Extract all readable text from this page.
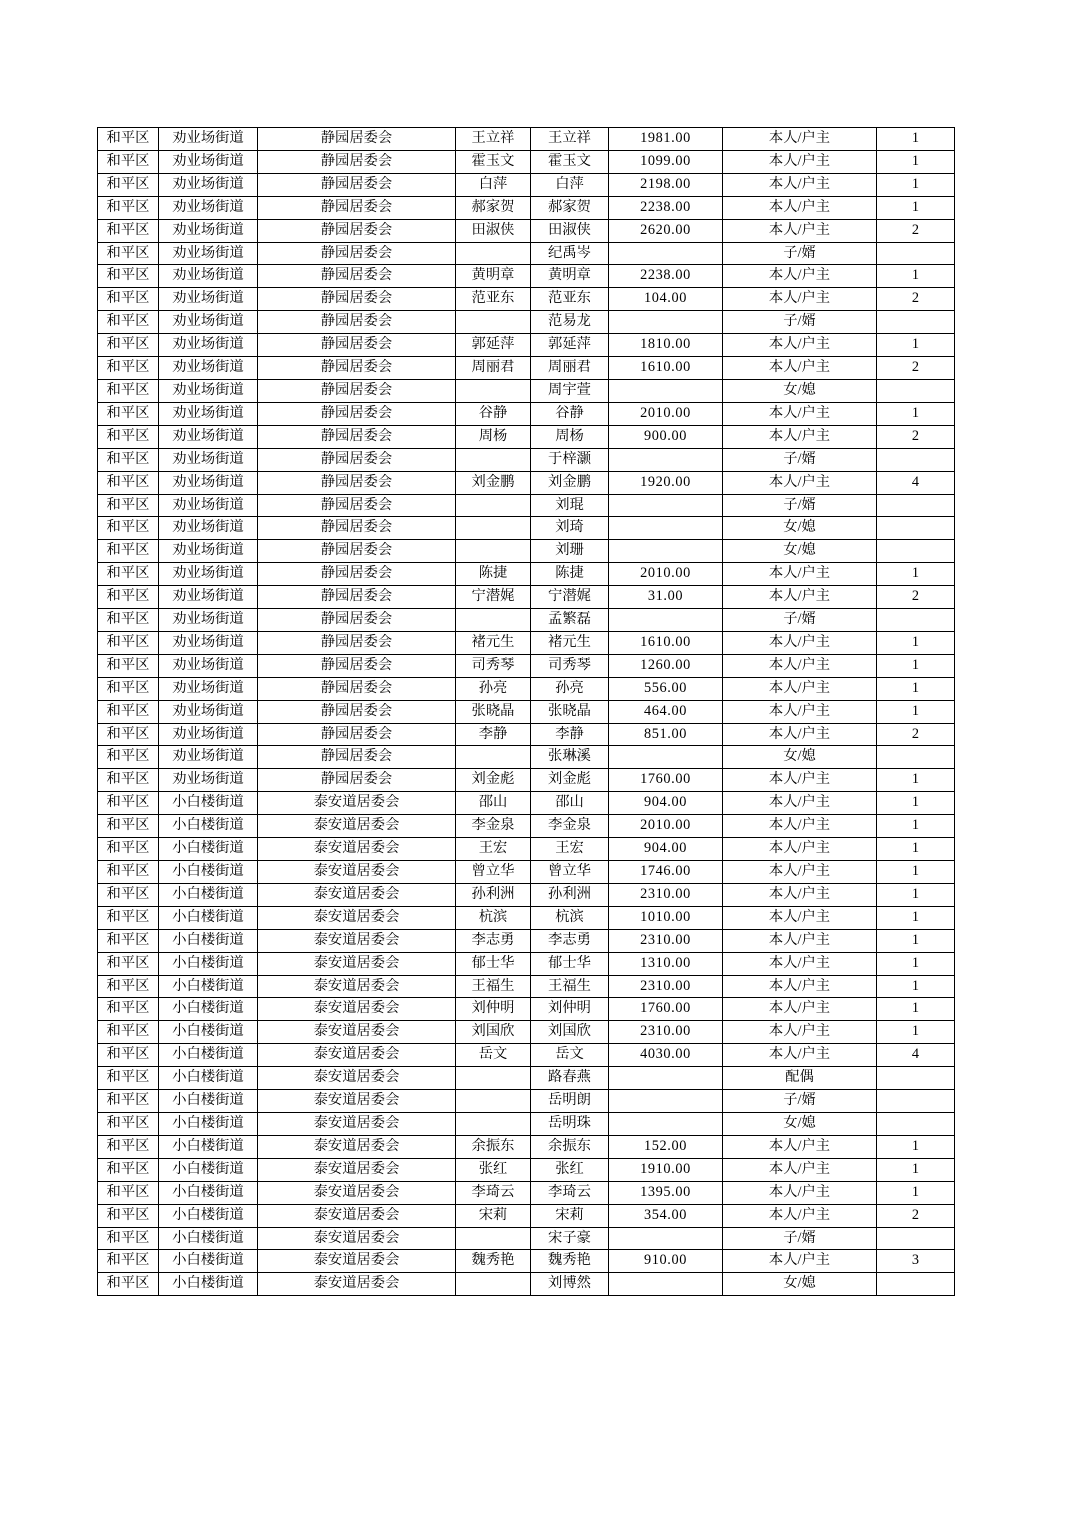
和平区	劝业场街道	静园居委会	王立祥	王立祥	1981.00	本人/户主	1
和平区	劝业场街道	静园居委会	霍玉文	霍玉文	1099.00	本人/户主	1
和平区	劝业场街道	静园居委会	白萍	白萍	2198.00	本人/户主	1
和平区	劝业场街道	静园居委会	郝家贺	郝家贺	2238.00	本人/户主	1
和平区	劝业场街道	静园居委会	田淑侠	田淑侠	2620.00	本人/户主	2
和平区	劝业场街道	静园居委会		纪禹岑		子/婿	
和平区	劝业场街道	静园居委会	黄明章	黄明章	2238.00	本人/户主	1
和平区	劝业场街道	静园居委会	范亚东	范亚东	104.00	本人/户主	2
和平区	劝业场街道	静园居委会		范易龙		子/婿	
和平区	劝业场街道	静园居委会	郭延萍	郭延萍	1810.00	本人/户主	1
和平区	劝业场街道	静园居委会	周丽君	周丽君	1610.00	本人/户主	2
和平区	劝业场街道	静园居委会		周宇萱		女/媳	
和平区	劝业场街道	静园居委会	谷静	谷静	2010.00	本人/户主	1
和平区	劝业场街道	静园居委会	周杨	周杨	900.00	本人/户主	2
和平区	劝业场街道	静园居委会		于梓灏		子/婿	
和平区	劝业场街道	静园居委会	刘金鹏	刘金鹏	1920.00	本人/户主	4
和平区	劝业场街道	静园居委会		刘琨		子/婿	
和平区	劝业场街道	静园居委会		刘琦		女/媳	
和平区	劝业场街道	静园居委会		刘珊		女/媳	
和平区	劝业场街道	静园居委会	陈捷	陈捷	2010.00	本人/户主	1
和平区	劝业场街道	静园居委会	宁潜娓	宁潜娓	31.00	本人/户主	2
和平区	劝业场街道	静园居委会		孟繁磊		子/婿	
和平区	劝业场街道	静园居委会	褚元生	褚元生	1610.00	本人/户主	1
和平区	劝业场街道	静园居委会	司秀琴	司秀琴	1260.00	本人/户主	1
和平区	劝业场街道	静园居委会	孙亮	孙亮	556.00	本人/户主	1
和平区	劝业场街道	静园居委会	张晓晶	张晓晶	464.00	本人/户主	1
和平区	劝业场街道	静园居委会	李静	李静	851.00	本人/户主	2
和平区	劝业场街道	静园居委会		张琳溪		女/媳	
和平区	劝业场街道	静园居委会	刘金彪	刘金彪	1760.00	本人/户主	1
和平区	小白楼街道	泰安道居委会	邵山	邵山	904.00	本人/户主	1
和平区	小白楼街道	泰安道居委会	李金泉	李金泉	2010.00	本人/户主	1
和平区	小白楼街道	泰安道居委会	王宏	王宏	904.00	本人/户主	1
和平区	小白楼街道	泰安道居委会	曾立华	曾立华	1746.00	本人/户主	1
和平区	小白楼街道	泰安道居委会	孙利洲	孙利洲	2310.00	本人/户主	1
和平区	小白楼街道	泰安道居委会	杭滨	杭滨	1010.00	本人/户主	1
和平区	小白楼街道	泰安道居委会	李志勇	李志勇	2310.00	本人/户主	1
和平区	小白楼街道	泰安道居委会	郁士华	郁士华	1310.00	本人/户主	1
和平区	小白楼街道	泰安道居委会	王福生	王福生	2310.00	本人/户主	1
和平区	小白楼街道	泰安道居委会	刘仲明	刘仲明	1760.00	本人/户主	1
和平区	小白楼街道	泰安道居委会	刘国欣	刘国欣	2310.00	本人/户主	1
和平区	小白楼街道	泰安道居委会	岳文	岳文	4030.00	本人/户主	4
和平区	小白楼街道	泰安道居委会		路春燕		配偶	
和平区	小白楼街道	泰安道居委会		岳明朗		子/婿	
和平区	小白楼街道	泰安道居委会		岳明珠		女/媳	
和平区	小白楼街道	泰安道居委会	余振东	余振东	152.00	本人/户主	1
和平区	小白楼街道	泰安道居委会	张红	张红	1910.00	本人/户主	1
和平区	小白楼街道	泰安道居委会	李琦云	李琦云	1395.00	本人/户主	1
和平区	小白楼街道	泰安道居委会	宋莉	宋莉	354.00	本人/户主	2
和平区	小白楼街道	泰安道居委会		宋子豪		子/婿	
和平区	小白楼街道	泰安道居委会	魏秀艳	魏秀艳	910.00	本人/户主	3
和平区	小白楼街道	泰安道居委会		刘博然		女/媳	
